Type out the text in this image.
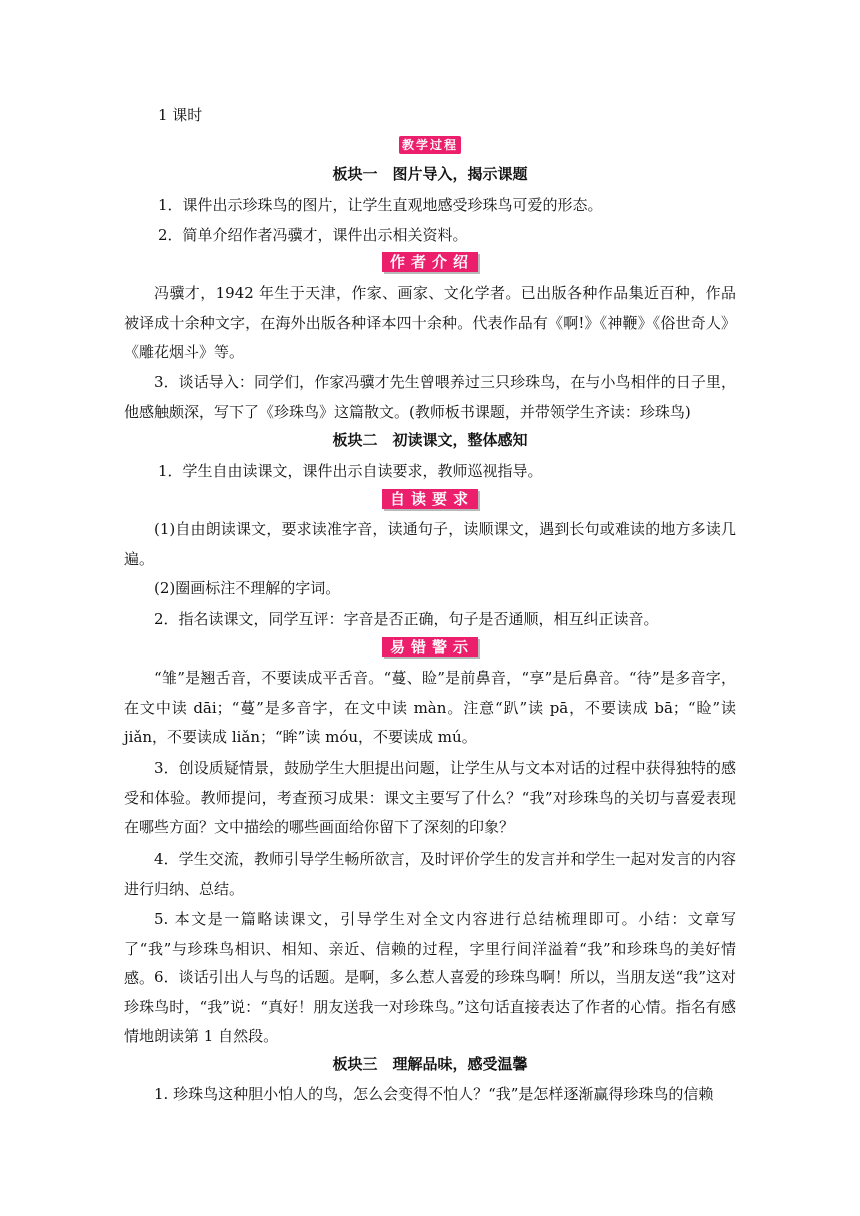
1 课时
教学过程
板块一　图片导入，揭示课题
1．课件出示珍珠鸟的图片，让学生直观地感受珍珠鸟可爱的形态。
2．简单介绍作者冯骥才，课件出示相关资料。
作者介绍
冯骥才，1942 年生于天津，作家、画家、文化学者。已出版各种作品集近百种，作品被译成十余种文字，在海外出版各种译本四十余种。代表作品有《啊!》《神鞭》《俗世奇人》《雕花烟斗》等。
3．谈话导入：同学们，作家冯骥才先生曾喂养过三只珍珠鸟，在与小鸟相伴的日子里，他感触颇深，写下了《珍珠鸟》这篇散文。(教师板书课题，并带领学生齐读：珍珠鸟)
板块二　初读课文，整体感知
1．学生自由读课文，课件出示自读要求，教师巡视指导。
自读要求
(1)自由朗读课文，要求读准字音，读通句子，读顺课文，遇到长句或难读的地方多读几遍。
(2)圈画标注不理解的字词。
2．指名读课文，同学互评：字音是否正确，句子是否通顺，相互纠正读音。
易错警示
“雏”是翘舌音，不要读成平舌音。“蔓、睑”是前鼻音，“享”是后鼻音。“待”是多音字，在文中读 dāi；“蔓”是多音字，在文中读 màn。注意“趴”读 pā，不要读成 bā；“睑”读 jiǎn，不要读成 liǎn；“眸”读 móu，不要读成 mú。
3．创设质疑情景，鼓励学生大胆提出问题，让学生从与文本对话的过程中获得独特的感受和体验。教师提问，考查预习成果：课文主要写了什么？“我”对珍珠鸟的关切与喜爱表现在哪些方面？文中描绘的哪些画面给你留下了深刻的印象？
4．学生交流，教师引导学生畅所欲言，及时评价学生的发言并和学生一起对发言的内容进行归纳、总结。
5. 本文是一篇略读课文，引导学生对全文内容进行总结梳理即可。小结：文章写了“我”与珍珠鸟相识、相知、亲近、信赖的过程，字里行间洋溢着“我”和珍珠鸟的美好情感。 6．谈话引出人与鸟的话题。是啊，多么惹人喜爱的珍珠鸟啊！所以，当朋友送“我”这对珍珠鸟时，“我”说：“真好！朋友送我一对珍珠鸟。”这句话直接表达了作者的心情。指名有感情地朗读第 1 自然段。
板块三　理解品味，感受温馨
1. 珍珠鸟这种胆小怕人的鸟，怎么会变得不怕人？“我”是怎样逐渐赢得珍珠鸟的信赖
